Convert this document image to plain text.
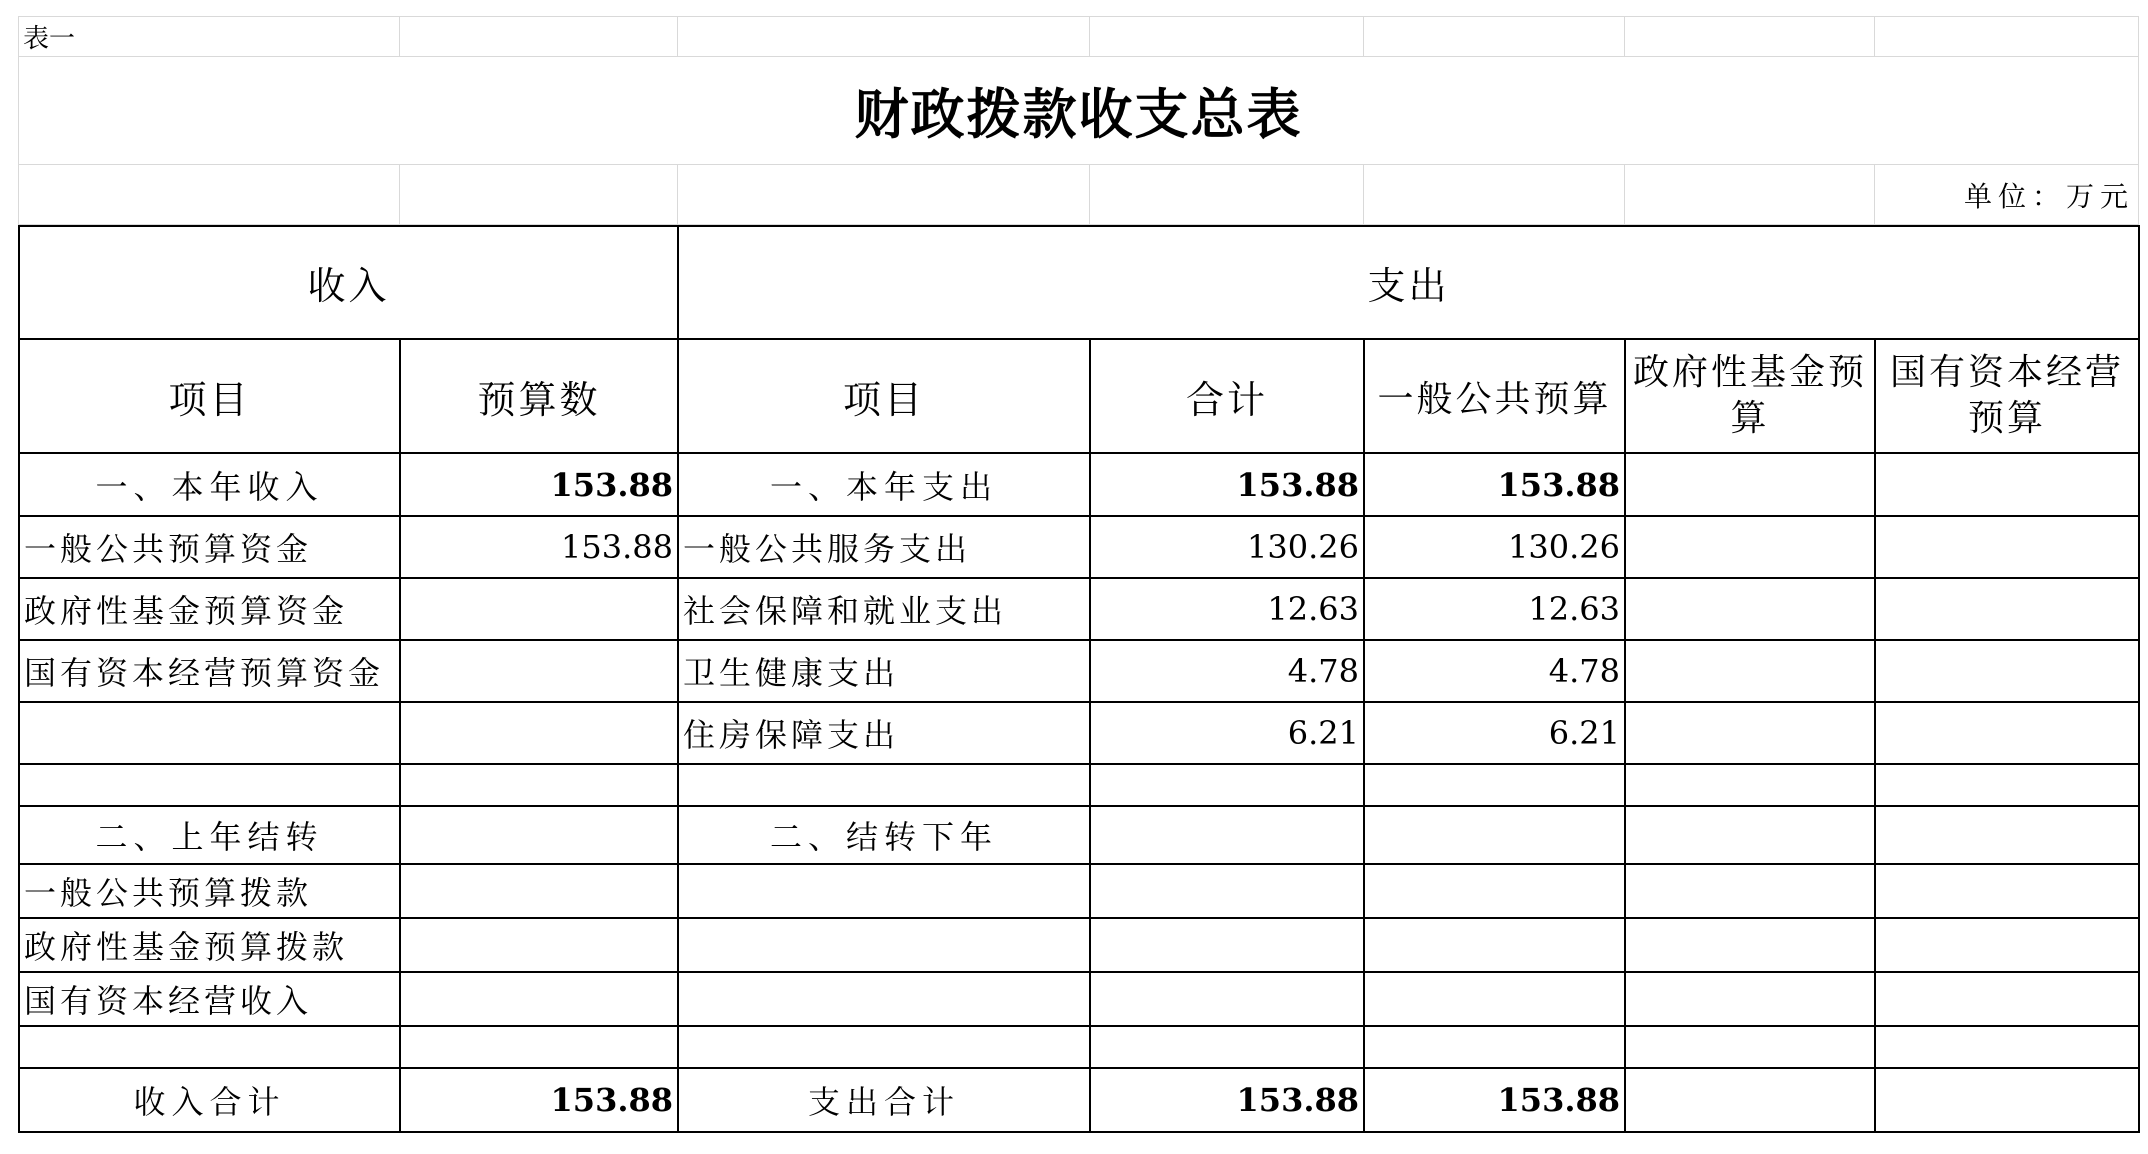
表一						
财政拨款收支总表						
						单位：万元
收入		支出				
项目	预算数	项目	合计	一般公共预算	政府性基金预算	国有资本经营预算
一、本年收入	153.88	一、本年支出	153.88	153.88		
一般公共预算资金	153.88	一般公共服务支出	130.26	130.26		
政府性基金预算资金		社会保障和就业支出	12.63	12.63		
国有资本经营预算资金		卫生健康支出	4.78	4.78		
		住房保障支出	6.21	6.21		

二、上年结转		二、结转下年				
一般公共预算拨款						
政府性基金预算拨款						
国有资本经营收入						

收入合计	153.88	支出合计	153.88	153.88		
